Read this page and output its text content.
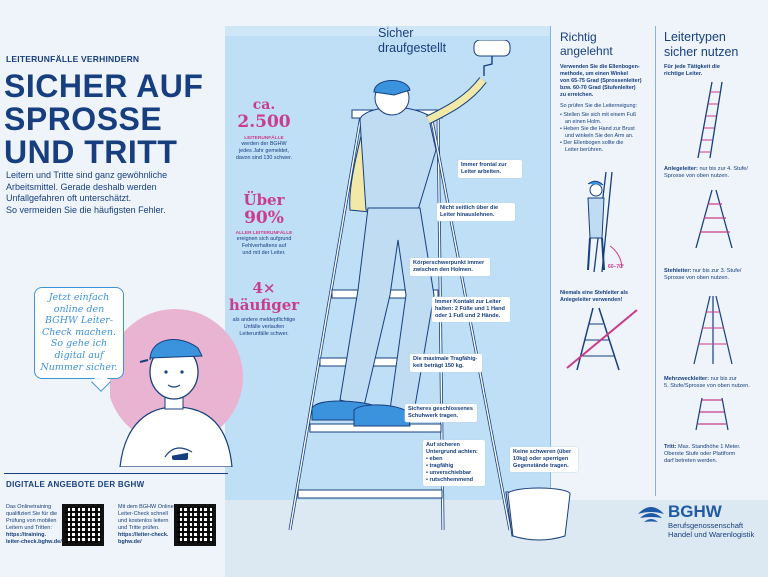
LEITERUNFÄLLE VERHINDERN
SICHER AUF
SPROSSE
UND TRITT
Leitern und Tritte sind ganz gewöhnliche
Arbeitsmittel. Gerade deshalb werden
Unfallgefahren oft unterschätzt.
So vermeiden Sie die häufigsten Fehler.
Jetzt einfach
online den
BGHW Leiter-
Check machen.
So gehe ich
digital auf
Nummer sicher.
DIGITALE ANGEBOTE DER BGHW
Das Onlinetraining
qualifiziert Sie für die
Prüfung von mobilen
Leitern und Tritten:
https://training.
leiter-check.bghw.de/
Mit dem BGHW Online
Leiter-Check schnell
und kostenlos leitern
und Tritte prüfen.
https://leiter-check.
bghw.de/
ca.
2.500
LEITERUNFÄLLE
werden der BGHW
jedes Jahr gemeldet,
davon sind 130 schwer.
Über
90%
ALLER LEITERUNFÄLLE
ereignen sich aufgrund
Fehlverhaltens auf
und mit der Leiter.
4×
häufiger
als andere meldepflichtige
Unfälle verlaufen
Leiterunfälle schwer.
Sicher
draufgestellt
Immer frontal zur
Leiter arbeiten.
Nicht seitlich über die
Leiter hinauslehnen.
Körperschwerpunkt immer
zwischen den Holmen.
Immer Kontakt zur Leiter
halten: 2 Füße und 1 Hand
oder 1 Fuß und 2 Hände.
Die maximale Tragfähig-
keit beträgt 150 kg.
Sicheres geschlossenes
Schuhwerk tragen.
Auf sicheren
Untergrund achten:
• eben
• tragfähig
• unverschiebbar
• rutschhemmend
Keine schweren (über
10kg) oder sperrigen
Gegenstände tragen.
Richtig
angelehnt
Verwenden Sie die Ellenbogen-
methode, um einen Winkel
von 65-75 Grad (Sprossenleiter)
bzw. 60-70 Grad (Stufenleiter)
zu erreichen.
So prüfen Sie die Leiterneigung:
• Stellen Sie sich mit einem Fuß
an einen Holm.
• Heben Sie die Hand zur Brust
und winkeln Sie den Arm an.
• Der Ellenbogen sollte die
Leiter berühren.
60–70°
Niemals eine Stehleiter als
Anlegeleiter verwenden!
Leitertypen
sicher nutzen
Für jede Tätigkeit die
richtige Leiter.
Anlegeleiter: nur bis zur 4. Stufe/
Sprosse von oben nutzen.
Stehleiter: nur bis zur 3. Stufe/
Sprosse von oben nutzen.
Mehrzweckleiter: nur bis zur
5. Stufe/Sprosse von oben nutzen.
Tritt: Max. Standhöhe 1 Meter.
Oberste Stufe oder Plattform
darf betreten werden.
BGHW
Berufsgenossenschaft
Handel und Warenlogistik
